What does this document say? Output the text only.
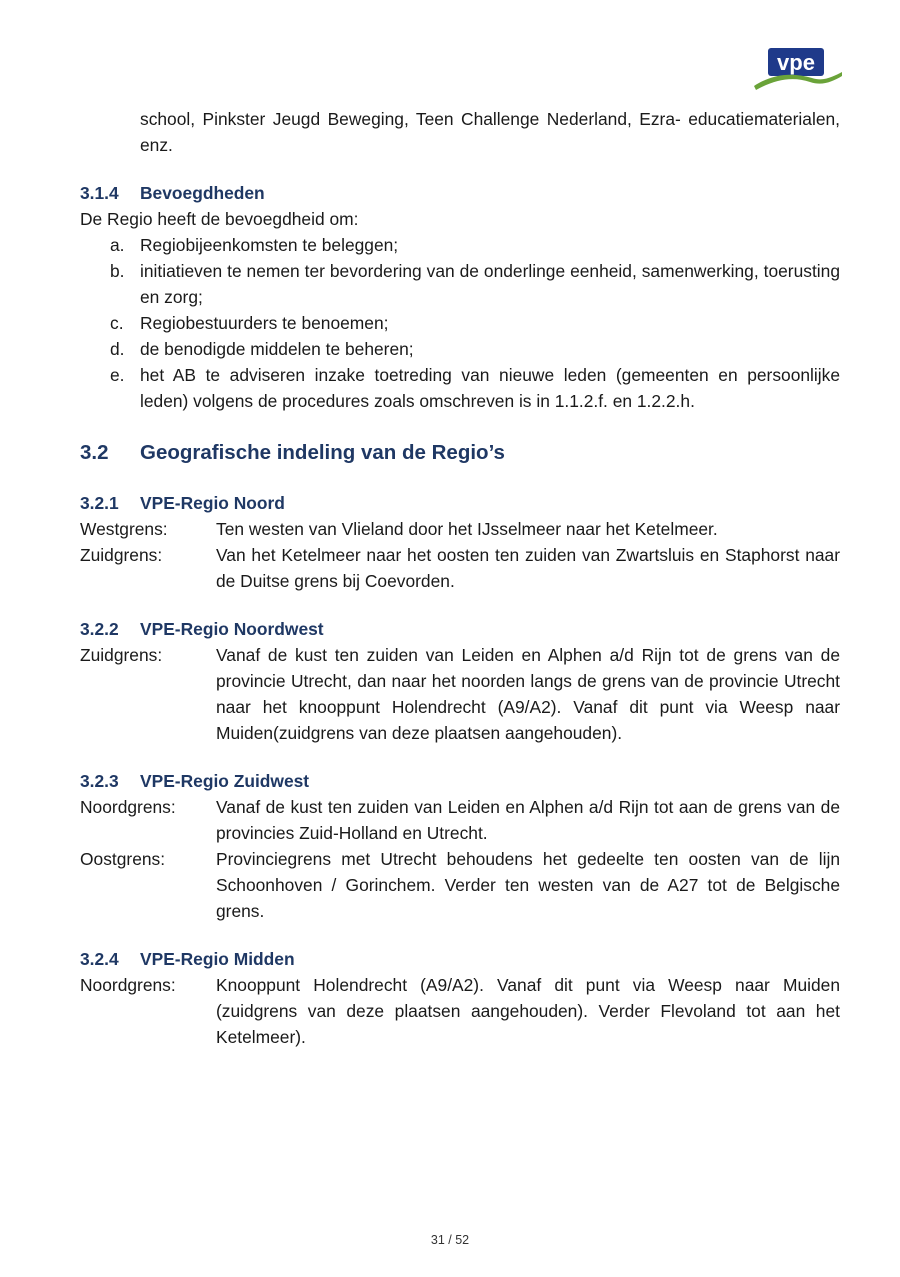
vpe
school, Pinkster Jeugd Beweging, Teen Challenge Nederland, Ezra- educatiematerialen, enz.
3.1.4	Bevoegdheden
De Regio heeft de bevoegdheid om:
a. Regiobijeenkomsten te beleggen;
b. initiatieven te nemen ter bevordering van de onderlinge eenheid, samenwerking, toerusting en zorg;
c. Regiobestuurders te benoemen;
d. de benodigde middelen te beheren;
e. het AB te adviseren inzake toetreding van nieuwe leden (gemeenten en persoonlijke leden) volgens de procedures zoals omschreven is in 1.1.2.f. en 1.2.2.h.
3.2	Geografische indeling van de Regio’s
3.2.1	VPE-Regio Noord
Westgrens:	Ten westen van Vlieland door het IJsselmeer naar het Ketelmeer.
Zuidgrens:	Van het Ketelmeer naar het oosten ten zuiden van Zwartsluis en Staphorst naar de Duitse grens bij Coevorden.
3.2.2	VPE-Regio Noordwest
Zuidgrens:	Vanaf de kust ten zuiden van Leiden en Alphen a/d Rijn tot de grens van de provincie Utrecht, dan naar het noorden langs de grens van de provincie Utrecht naar het knooppunt Holendrecht (A9/A2). Vanaf dit punt via Weesp naar Muiden(zuidgrens van deze plaatsen aangehouden).
3.2.3	VPE-Regio Zuidwest
Noordgrens:	Vanaf de kust ten zuiden van Leiden en Alphen a/d Rijn tot aan de grens van de provincies Zuid-Holland en Utrecht.
Oostgrens:	Provinciegrens met Utrecht behoudens het gedeelte ten oosten van de lijn Schoonhoven / Gorinchem. Verder ten westen van de A27 tot de Belgische grens.
3.2.4	VPE-Regio Midden
Noordgrens:	Knooppunt Holendrecht (A9/A2). Vanaf dit punt via Weesp naar Muiden (zuidgrens van deze plaatsen aangehouden). Verder Flevoland tot aan het Ketelmeer).
31 / 52
